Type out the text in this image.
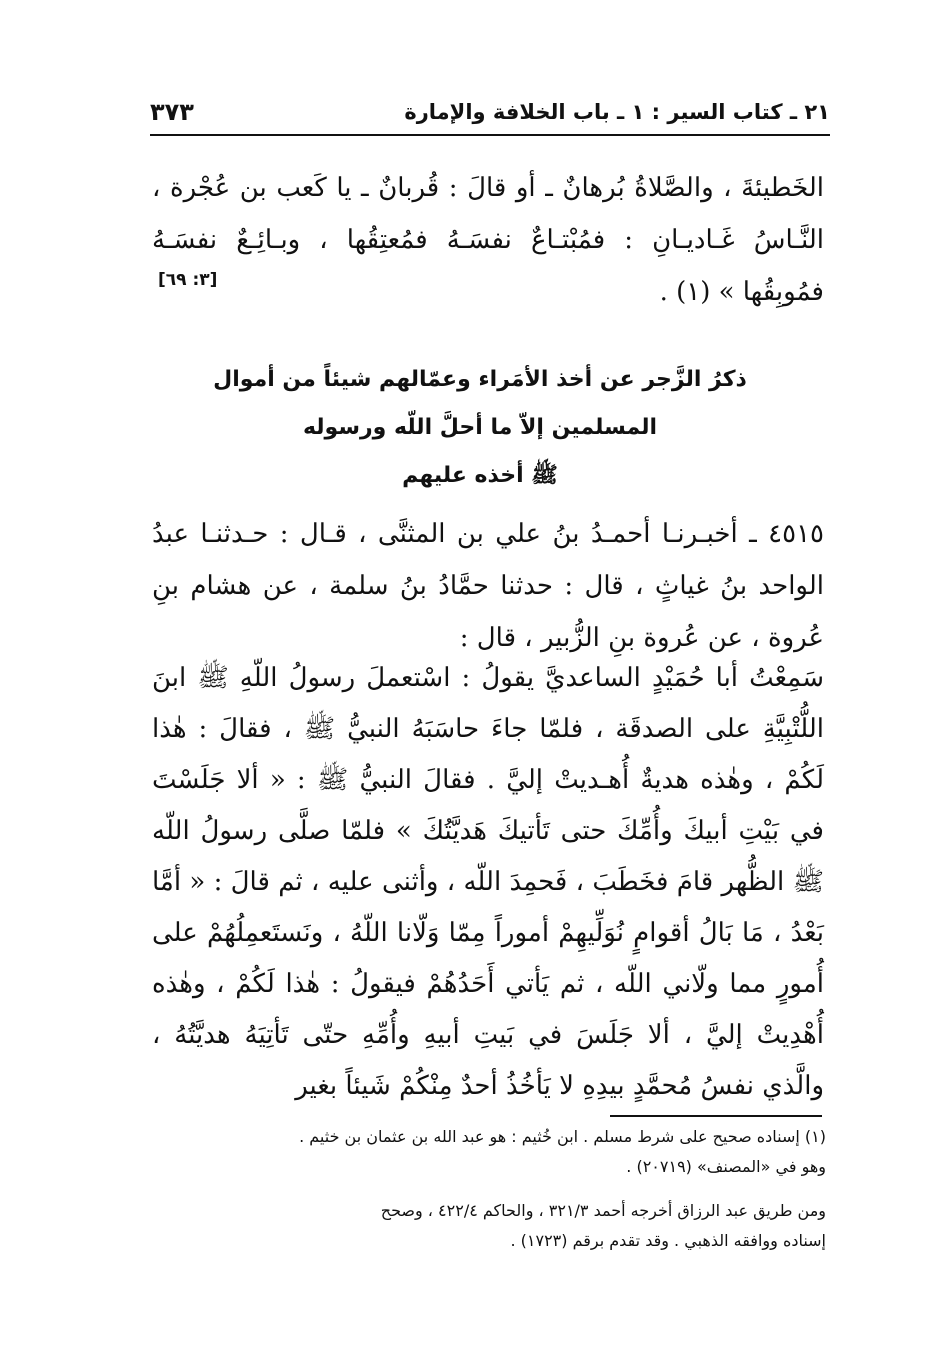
٢١ ـ كتاب السير : ١ ـ باب الخلافة والإمارة
٣٧٣
الخَطيئةَ ، والصَّلاةُ بُرهانٌ ـ أو قالَ : قُربانٌ ـ يا كَعب بن عُجْرة ، النَّـاسُ غَـاديـانِ : فمُبْتـاعٌ نفسَـهُ فمُعتِقُها ، وبـائِـعٌ نفسَـهُ فمُوبِقُها » (١) .
[٣: ٦٩]
ذكرُ الزَّجر عن أخذ الأمَراء وعمّالهم شيئاً من أموال
المسلمين إلاّ ما أحلَّ اللّه ورسوله
ﷺ أخذه عليهم
٤٥١٥ ـ أخبـرنـا أحمـدُ بنُ علي بن المثنَّى ، قـال : حـدثنـا عبدُ الواحد بنُ غياثٍ ، قال : حدثنا حمَّادُ بنُ سلمة ، عن هشام بنِ عُروة ، عن عُروة بنِ الزُّبير ، قال :
سَمِعْتُ أبا حُمَيْدٍ الساعديَّ يقولُ : اسْتعملَ رسولُ اللّهِ ﷺ ابنَ اللُّتْبِيَّةِ على الصدقَة ، فلمّا جاءَ حاسَبَهُ النبيُّ ﷺ ، فقالَ : هٰذا لَكُمْ ، وهٰذه هديةٌ أُهـديتْ إليَّ . فقالَ النبيُّ ﷺ : « ألا جَلَسْتَ في بَيْتِ أبيكَ وأُمِّكَ حتى تَأتيكَ هَديَّتُكَ » فلمّا صلَّى رسولُ اللّه ﷺ الظُّهر قامَ فخَطَبَ ، فَحمِدَ اللّه ، وأثنى عليه ، ثم قالَ : « أمَّا بَعْدُ ، مَا بَالُ أقوامٍ نُوَلِّيهِمْ أموراً مِمّا وَلّانا اللّهُ ، ونَستَعمِلُهُمْ على أُمورٍ مما ولّاني اللّه ، ثم يَأتي أَحَدُهُمْ فيقولُ : هٰذا لَكُمْ ، وهٰذه أُهْدِيتْ إليَّ ، ألا جَلَسَ في بَيتِ أبيهِ وأُمِّهِ حتّى تَأتِيَهُ هديَّتُهُ ، والَّذي نفسُ مُحمَّدٍ بيدِهِ لا يَأخُذُ أحدٌ مِنْكُمْ شَيئاً بغير

(١) إسناده صحيح على شرط مسلم . ابن خُثيم : هو عبد الله بن عثمان بن خثيم .
وهو في «المصنف» (٢٠٧١٩) .

ومن طريق عبد الرزاق أخرجه أحمد ٣٢١/٣ ، والحاكم ٤٢٢/٤ ، وصحح
إسناده ووافقه الذهبي . وقد تقدم برقم (١٧٢٣) .
